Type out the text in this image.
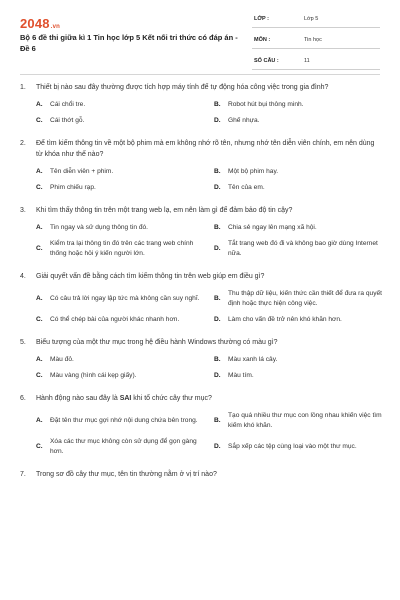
2048.vn
Bộ 6 đề thi giữa kì 1 Tin học lớp 5 Kết nối tri thức có đáp án - Đề 6
LỚP :	Lớp 5
MÔN :	Tin học
SỐ CÂU :	11
1. Thiết bị nào sau đây thường được tích hợp máy tính để tự động hóa công việc trong gia đình?
A.	Cái chổi tre.	B.	Robot hút bụi thông minh.
C.	Cái thớt gỗ.	D.	Ghế nhựa.
2. Để tìm kiếm thông tin về một bộ phim mà em không nhớ rõ tên, nhưng nhớ tên diễn viên chính, em nên dùng từ khóa như thế nào?
A.	Tên diễn viên + phim.	B.	Một bộ phim hay.
C.	Phim chiếu rạp.	D.	Tên của em.
3. Khi tìm thấy thông tin trên một trang web lạ, em nên làm gì để đảm bảo độ tin cậy?
A.	Tin ngay và sử dụng thông tin đó.	B.	Chia sẻ ngay lên mạng xã hội.
C.
Kiểm tra lại thông tin đó trên các trang web chính thống hoặc hỏi ý kiến người lớn.
D.
Tắt trang web đó đi và không bao giờ dùng Internet nữa.
4. Giải quyết vấn đề bằng cách tìm kiếm thông tin trên web giúp em điều gì?
A.	Có câu trả lời ngay lập tức mà không cần suy nghĩ.	B.
Thu thập dữ liệu, kiến thức cần thiết để đưa ra quyết định hoặc thực hiện công việc.
C.	Có thể chép bài của người khác nhanh hơn.	D.	Làm cho vấn đề trở nên khó khăn hơn.
5. Biểu tượng của một thư mục trong hệ điều hành Windows thường có màu gì?
A.	Màu đỏ.	B.	Màu xanh lá cây.
C.	Màu vàng (hình cái kẹp giấy).	D.	Màu tím.
6. Hành động nào sau đây là SAI khi tổ chức cây thư mục?
A.	Đặt tên thư mục gợi nhớ nội dung chứa bên trong.	B.
Tạo quá nhiều thư mục con lồng nhau khiến việc tìm kiếm khó khăn.
C.
Xóa các thư mục không còn sử dụng để gọn gàng hơn.
D.	Sắp xếp các tệp cùng loại vào một thư mục.
7. Trong sơ đồ cây thư mục, tên tin thường nằm ở vị trí nào?
